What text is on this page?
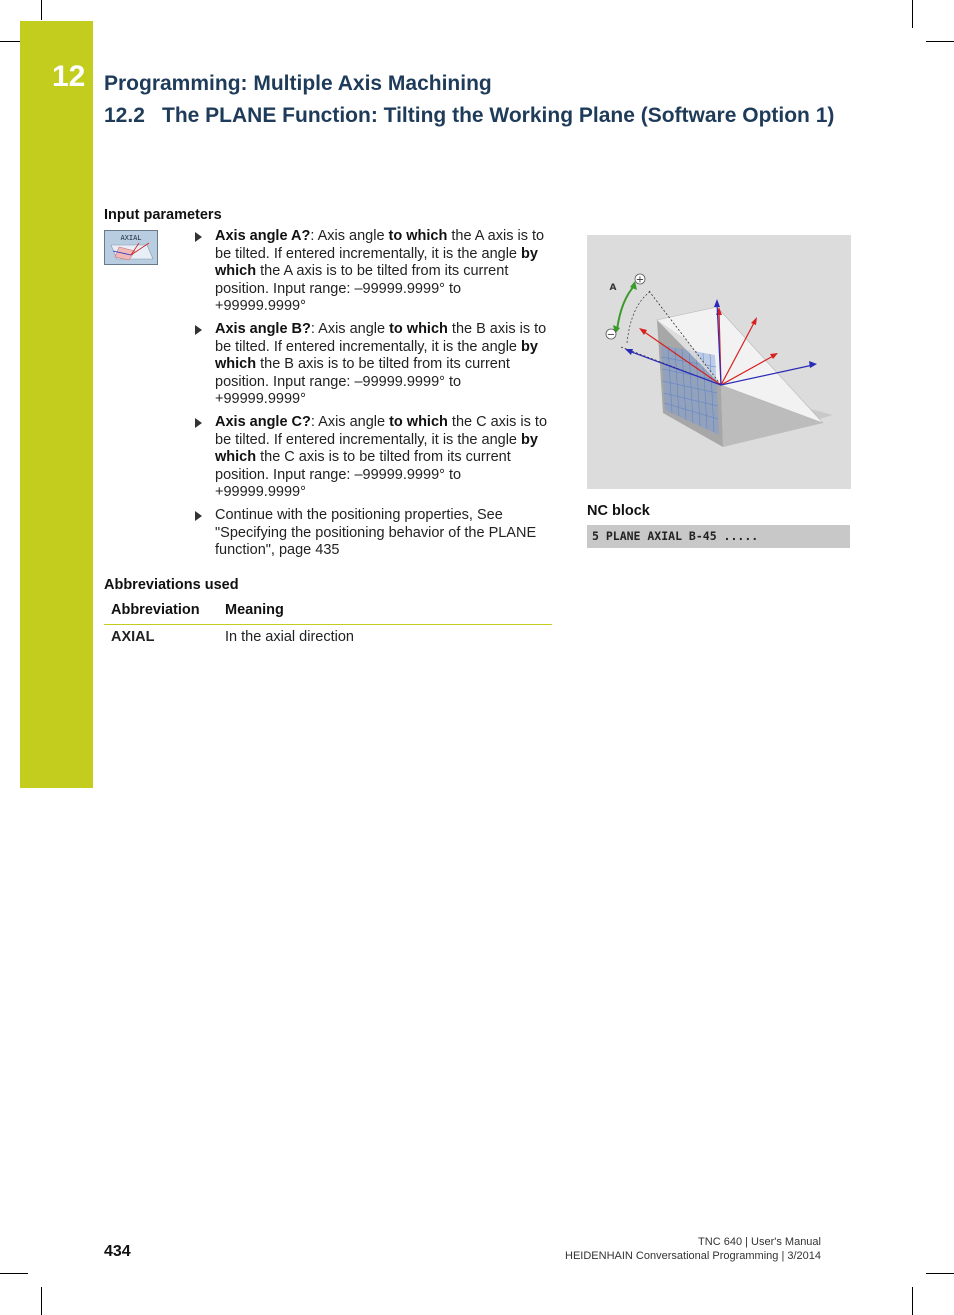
12 Programming: Multiple Axis Machining
12.2 The PLANE Function: Tilting the Working Plane (Software Option 1)
Input parameters
AXIAL	Axis angle A?: Axis angle to which the A axis is to be tilted. If entered incrementally, it is the angle by which the A axis is to be tilted from its current position. Input range: –99999.9999° to +99999.9999°
Axis angle B?: Axis angle to which the B axis is to be tilted. If entered incrementally, it is the angle by which the B axis is to be tilted from its current position. Input range: –99999.9999° to +99999.9999°
Axis angle C?: Axis angle to which the C axis is to be tilted. If entered incrementally, it is the angle by which the C axis is to be tilted from its current position. Input range: –99999.9999° to +99999.9999°
Continue with the positioning properties, See "Specifying the positioning behavior of the PLANE function", page 435
Abbreviations used
Abbreviation	Meaning
AXIAL	In the axial direction
+
−
A
NC block
5 PLANE AXIAL B-45 .....
434
TNC 640 | User's Manual
HEIDENHAIN Conversational Programming | 3/2014
